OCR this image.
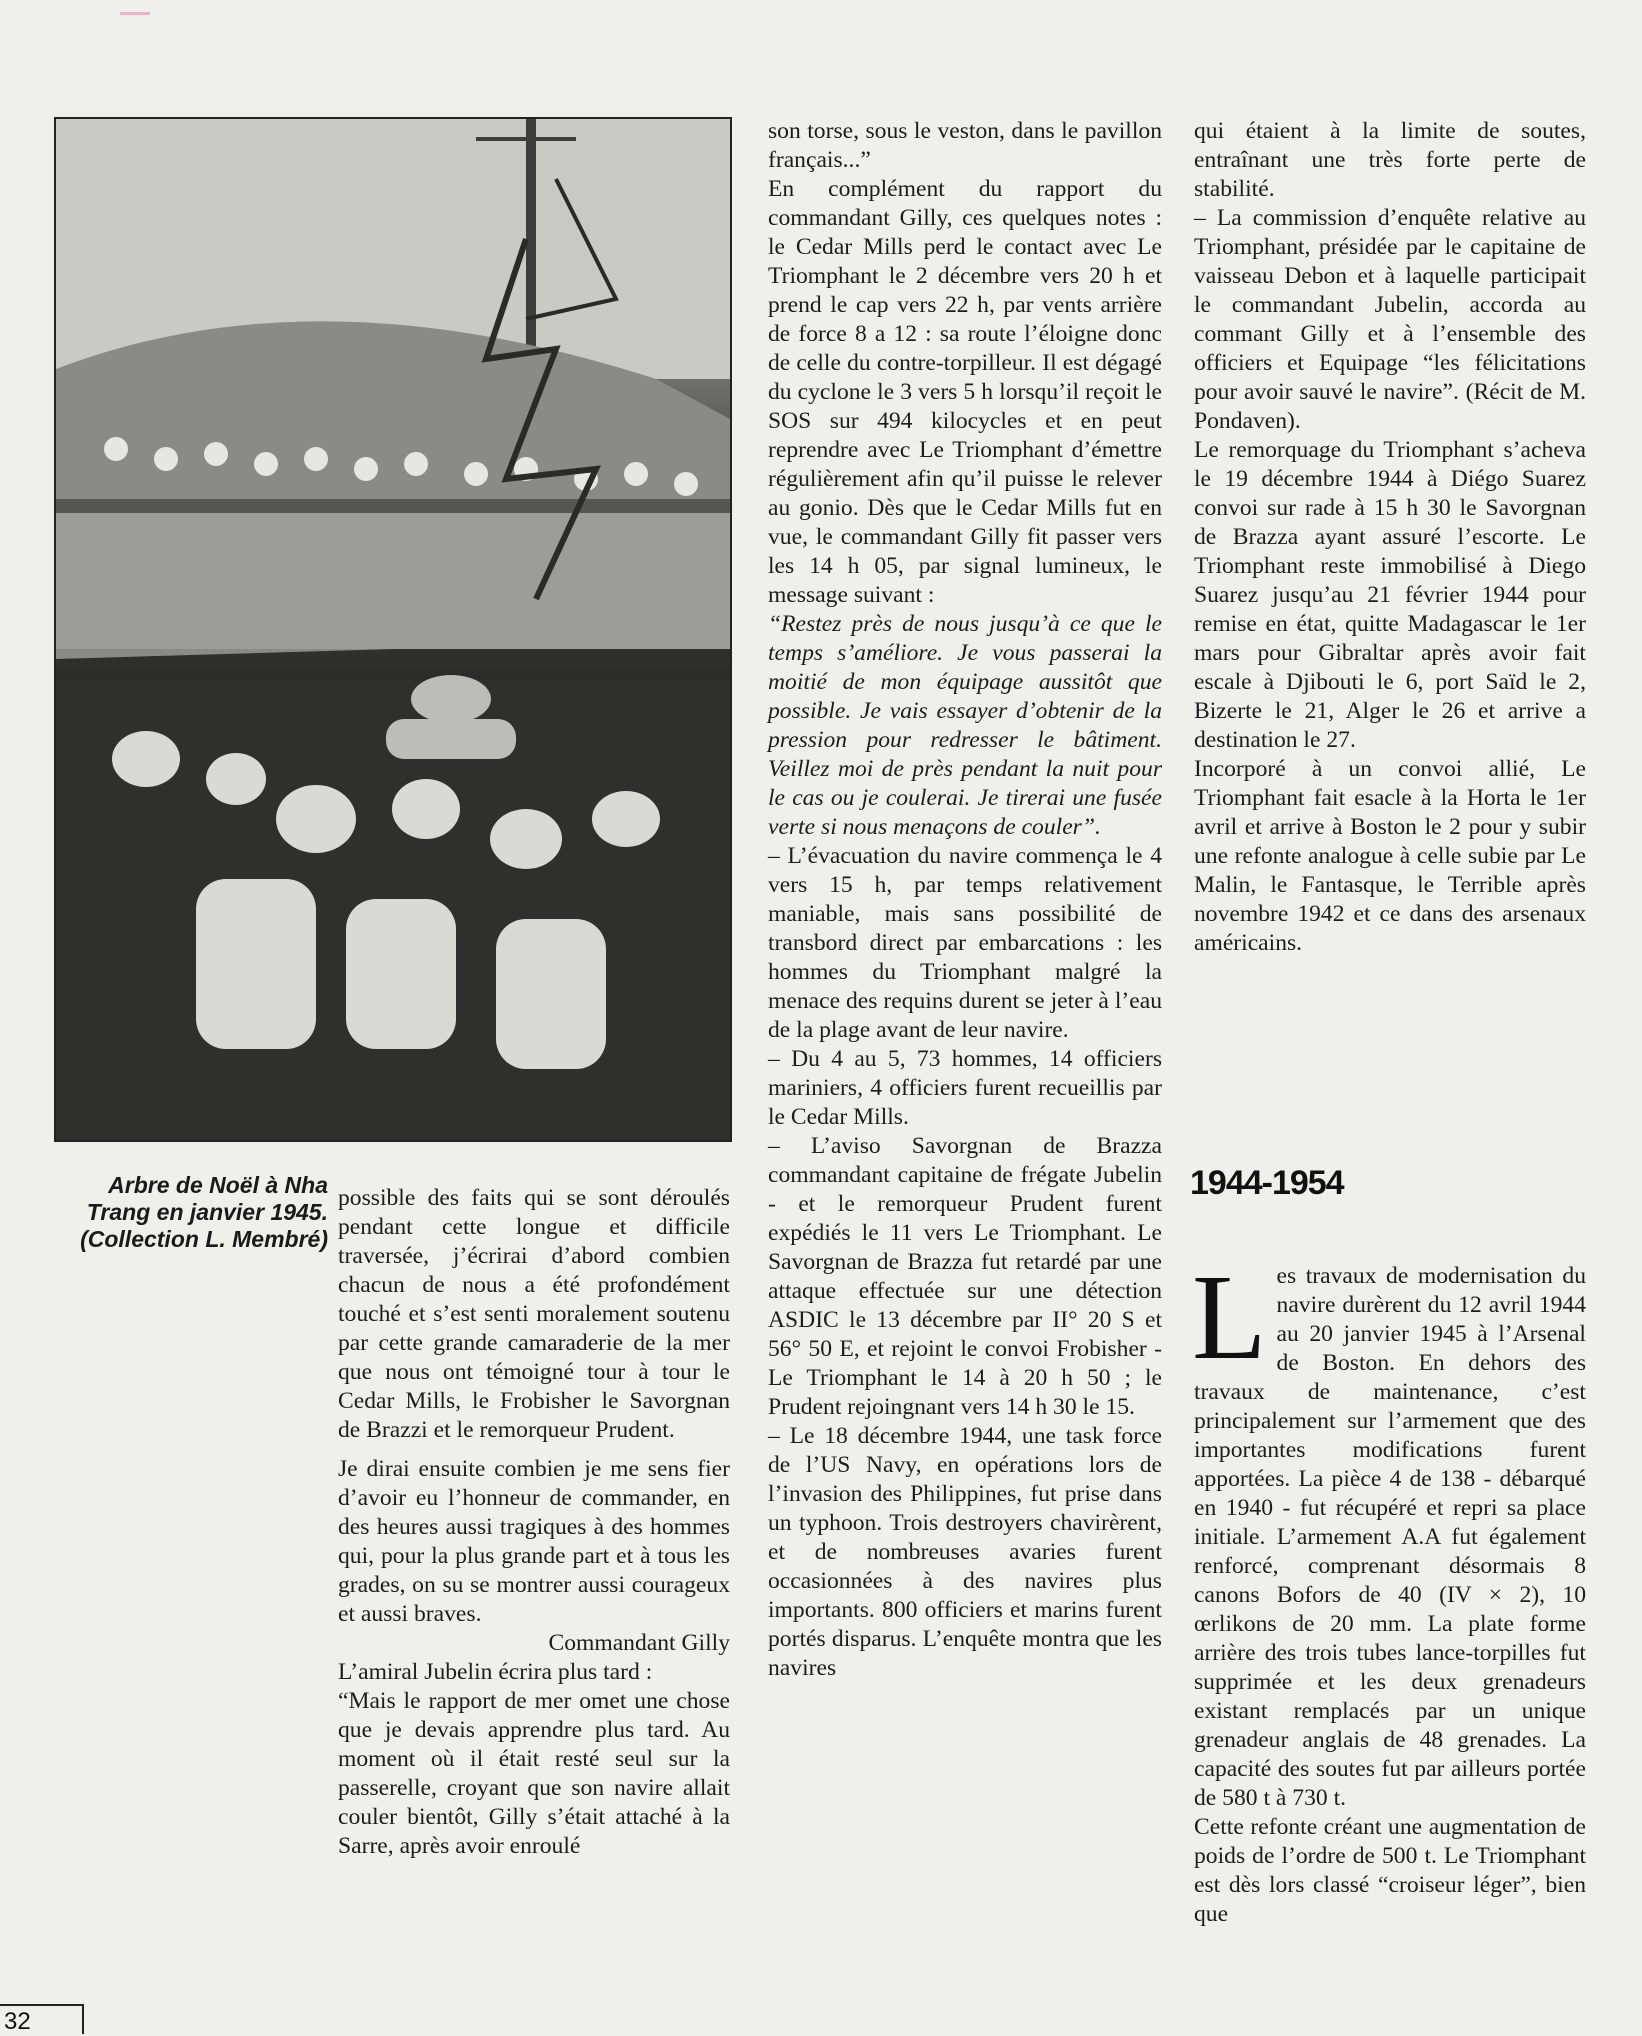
Arbre de Noël à Nha
Trang en janvier 1945.
(Collection L. Membré)

possible des faits qui se sont déroulés pendant cette longue et difficile traversée, j’écrirai d’abord combien chacun de nous a été profondément touché et s’est senti moralement soutenu par cette grande camaraderie de la mer que nous ont témoigné tour à tour le Cedar Mills, le Frobisher le Savorgnan de Brazzi et le remorqueur Prudent.

Je dirai ensuite combien je me sens fier d’avoir eu l’honneur de commander, en des heures aussi tragiques à des hommes qui, pour la plus grande part et à tous les grades, on su se montrer aussi courageux et aussi braves.

Commandant Gilly

L’amiral Jubelin écrira plus tard :

“Mais le rapport de mer omet une chose que je devais apprendre plus tard. Au moment où il était resté seul sur la passerelle, croyant que son navire allait couler bientôt, Gilly s’était attaché à la Sarre, après avoir enroulé

son torse, sous le veston, dans le pavillon français...”

En complément du rapport du commandant Gilly, ces quelques notes : le Cedar Mills perd le contact avec Le Triomphant le 2 décembre vers 20 h et prend le cap vers 22 h, par vents arrière de force 8 a 12 : sa route l’éloigne donc de celle du contre-torpilleur. Il est dégagé du cyclone le 3 vers 5 h lorsqu’il reçoit le SOS sur 494 kilocycles et en peut reprendre avec Le Triomphant d’émettre régulièrement afin qu’il puisse le relever au gonio. Dès que le Cedar Mills fut en vue, le commandant Gilly fit passer vers les 14 h 05, par signal lumineux, le message suivant :

“Restez près de nous jusqu’à ce que le temps s’améliore. Je vous passerai la moitié de mon équipage aussitôt que possible. Je vais essayer d’obtenir de la pression pour redresser le bâtiment. Veillez moi de près pendant la nuit pour le cas ou je coulerai. Je tirerai une fusée verte si nous menaçons de couler”.

– L’évacuation du navire commença le 4 vers 15 h, par temps relativement maniable, mais sans possibilité de transbord direct par embarcations : les hommes du Triomphant malgré la menace des requins durent se jeter à l’eau de la plage avant de leur navire.

– Du 4 au 5, 73 hommes, 14 officiers mariniers, 4 officiers furent recueillis par le Cedar Mills.

– L’aviso Savorgnan de Brazza commandant capitaine de frégate Jubelin - et le remorqueur Prudent furent expédiés le 11 vers Le Triomphant. Le Savorgnan de Brazza fut retardé par une attaque effectuée sur une détection ASDIC le 13 décembre par II° 20 S et 56° 50 E, et rejoint le convoi Frobisher - Le Triomphant le 14 à 20 h 50 ; le Prudent rejoingnant vers 14 h 30 le 15.

– Le 18 décembre 1944, une task force de l’US Navy, en opérations lors de l’invasion des Philippines, fut prise dans un typhoon. Trois destroyers chavirèrent, et de nombreuses avaries furent occasionnées à des navires plus importants. 800 officiers et marins furent portés disparus. L’enquête montra que les navires

qui étaient à la limite de soutes, entraînant une très forte perte de stabilité.

– La commission d’enquête relative au Triomphant, présidée par le capitaine de vaisseau Debon et à laquelle participait le commandant Jubelin, accorda au commant Gilly et à l’ensemble des officiers et Equipage “les félicitations pour avoir sauvé le navire”. (Récit de M. Pondaven).

Le remorquage du Triomphant s’acheva le 19 décembre 1944 à Diégo Suarez convoi sur rade à 15 h 30 le Savorgnan de Brazza ayant assuré l’escorte. Le Triomphant reste immobilisé à Diego Suarez jusqu’au 21 février 1944 pour remise en état, quitte Madagascar le 1er mars pour Gibraltar après avoir fait escale à Djibouti le 6, port Saïd le 2, Bizerte le 21, Alger le 26 et arrive a destination le 27.

Incorporé à un convoi allié, Le Triomphant fait esacle à la Horta le 1er avril et arrive à Boston le 2 pour y subir une refonte analogue à celle subie par Le Malin, le Fantasque, le Terrible après novembre 1942 et ce dans des arsenaux américains.

1944-1954

Les travaux de modernisation du navire durèrent du 12 avril 1944 au 20 janvier 1945 à l’Arsenal de Boston. En dehors des travaux de maintenance, c’est principalement sur l’armement que des importantes modifications furent apportées. La pièce 4 de 138 - débarqué en 1940 - fut récupéré et repri sa place initiale. L’armement A.A fut également renforcé, comprenant désormais 8 canons Bofors de 40 (IV × 2), 10 œrlikons de 20 mm. La plate forme arrière des trois tubes lance-torpilles fut supprimée et les deux grenadeurs existant remplacés par un unique grenadeur anglais de 48 grenades. La capacité des soutes fut par ailleurs portée de 580 t à 730 t.

Cette refonte créant une augmentation de poids de l’ordre de 500 t. Le Triomphant est dès lors classé “croiseur léger”, bien que

32
